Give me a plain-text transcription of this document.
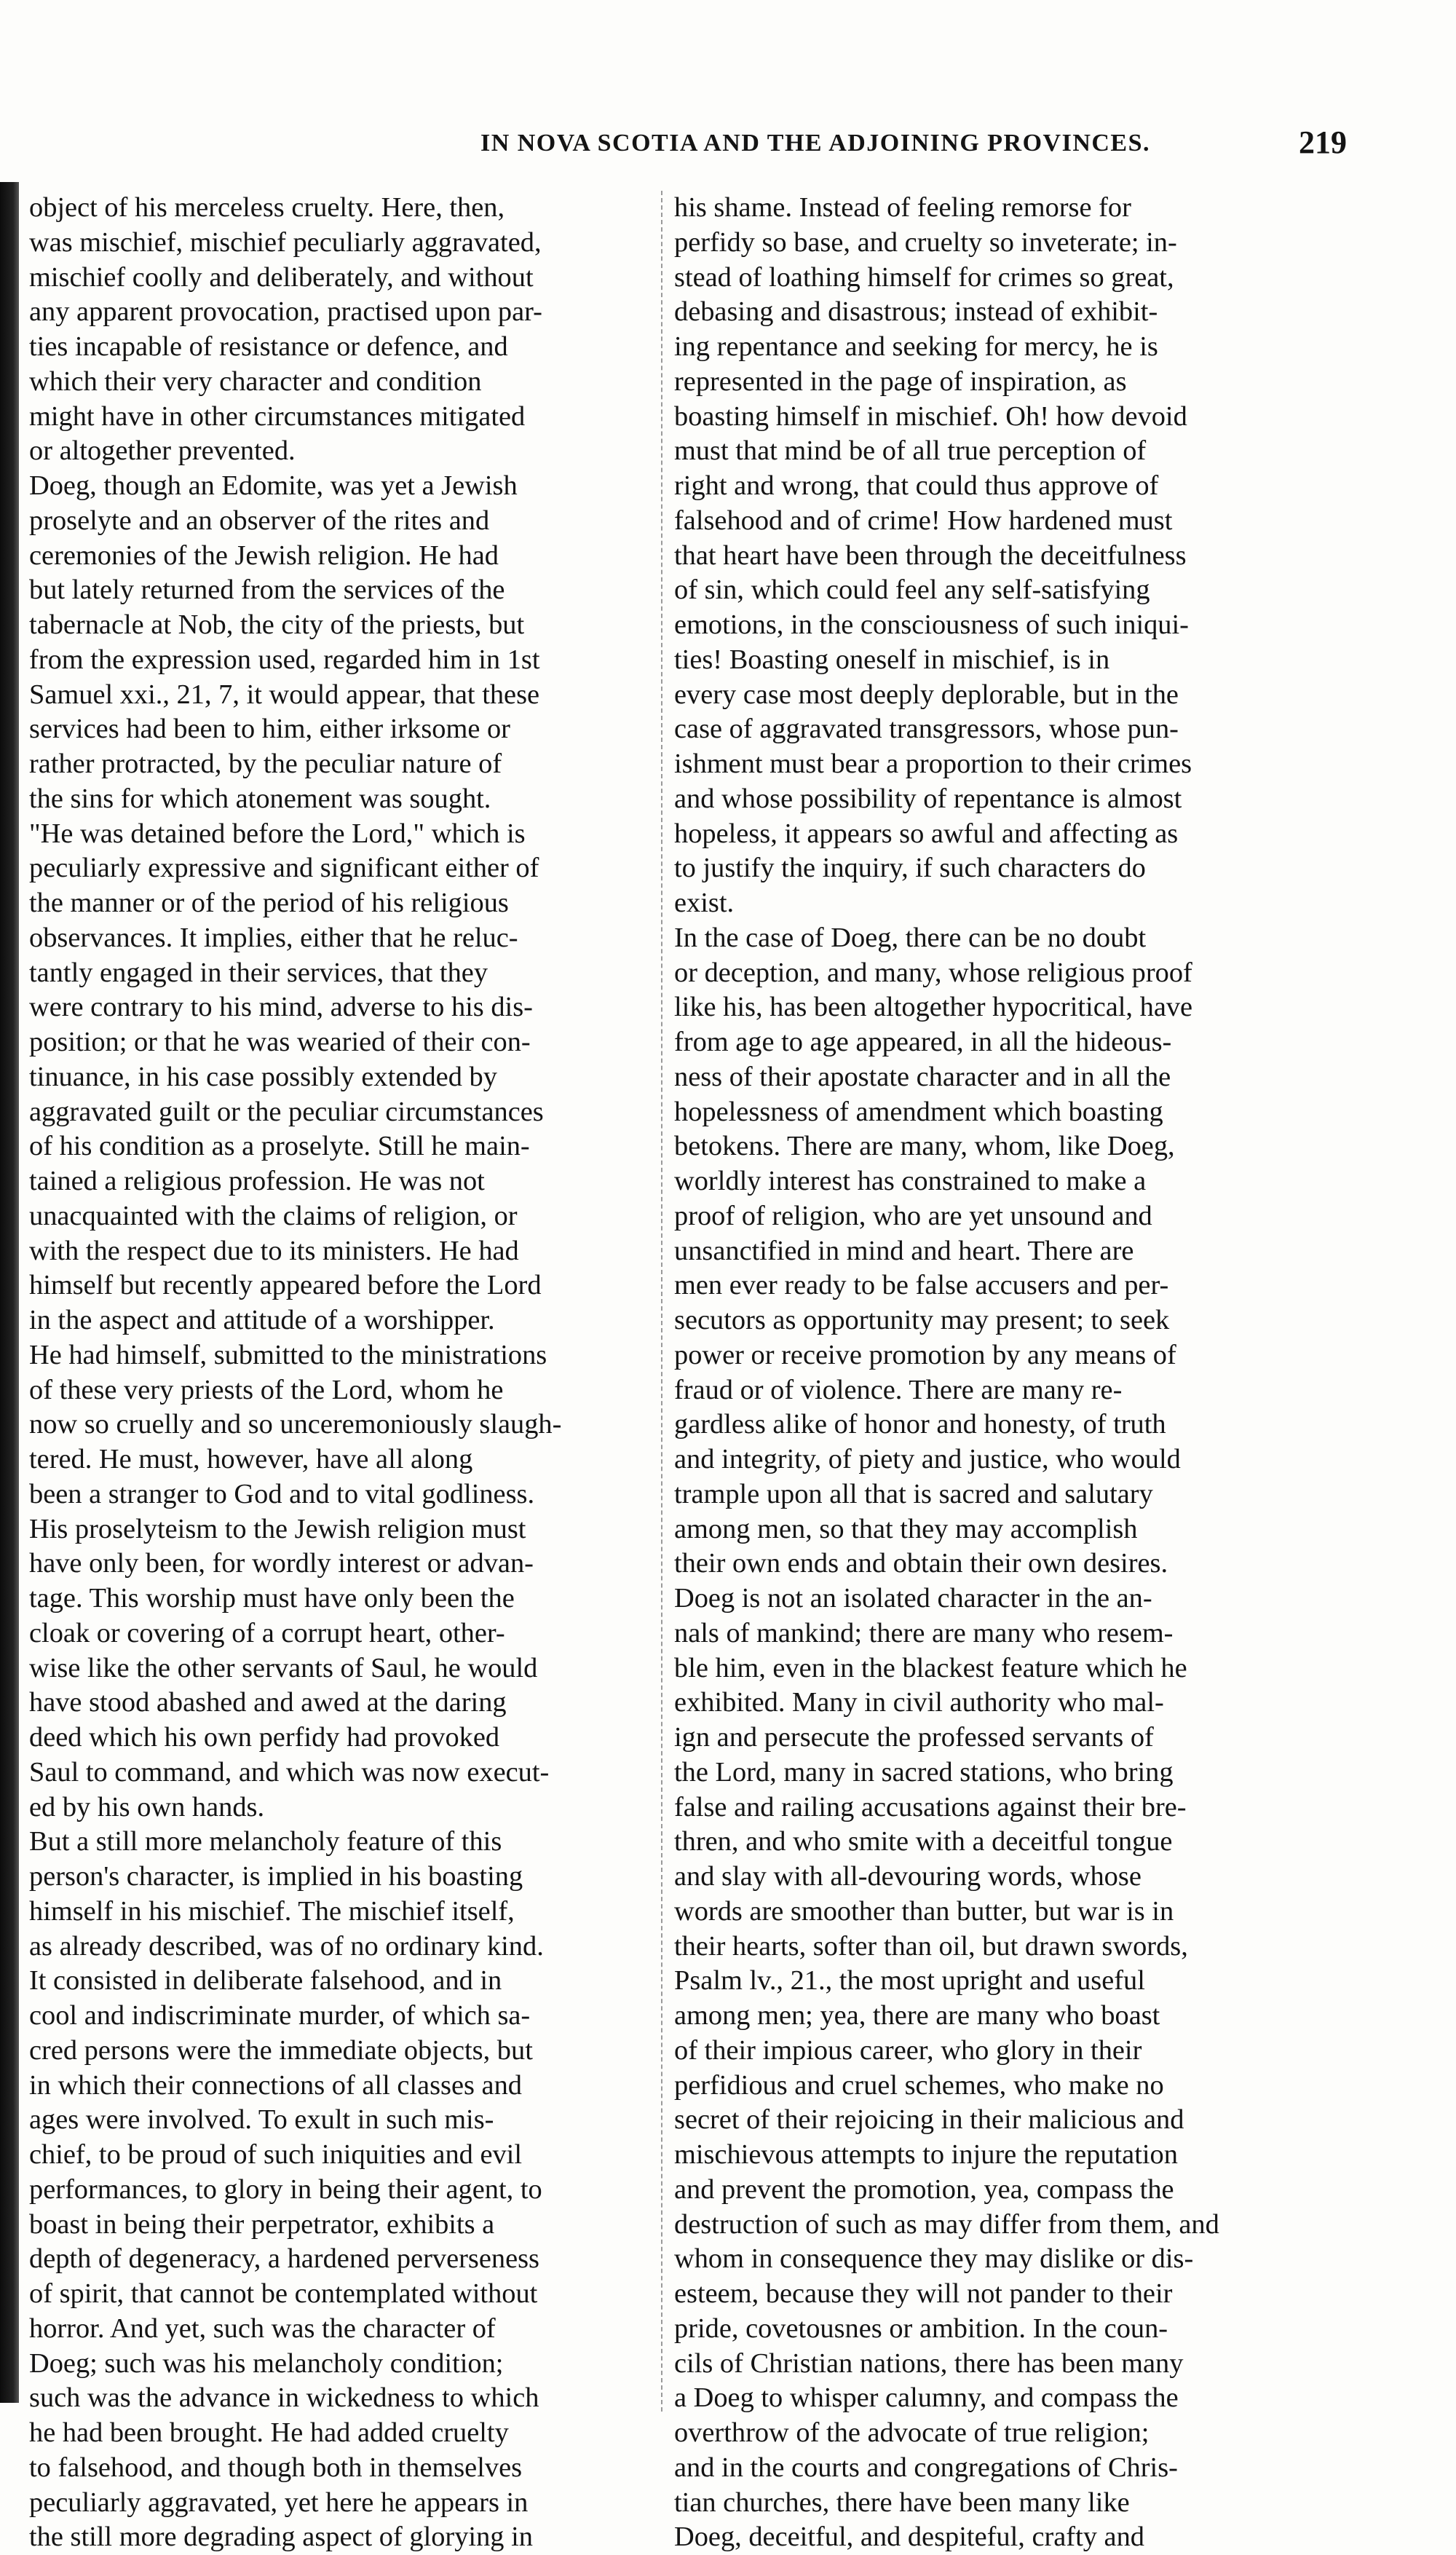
IN NOVA SCOTIA AND THE ADJOINING PROVINCES.	219
object of his merceless cruelty. Here, then,
was mischief, mischief peculiarly aggravated,
mischief coolly and deliberately, and without
any apparent provocation, practised upon par-
ties incapable of resistance or defence, and
which their very character and condition
might have in other circumstances mitigated
or altogether prevented.
Doeg, though an Edomite, was yet a Jewish
proselyte and an observer of the rites and
ceremonies of the Jewish religion. He had
but lately returned from the services of the
tabernacle at Nob, the city of the priests, but
from the expression used, regarded him in 1st
Samuel xxi., 21, 7, it would appear, that these
services had been to him, either irksome or
rather protracted, by the peculiar nature of
the sins for which atonement was sought.
"He was detained before the Lord," which is
peculiarly expressive and significant either of
the manner or of the period of his religious
observances. It implies, either that he reluc-
tantly engaged in their services, that they
were contrary to his mind, adverse to his dis-
position; or that he was wearied of their con-
tinuance, in his case possibly extended by
aggravated guilt or the peculiar circumstances
of his condition as a proselyte. Still he main-
tained a religious profession. He was not
unacquainted with the claims of religion, or
with the respect due to its ministers. He had
himself but recently appeared before the Lord
in the aspect and attitude of a worshipper.
He had himself, submitted to the ministrations
of these very priests of the Lord, whom he
now so cruelly and so unceremoniously slaugh-
tered. He must, however, have all along
been a stranger to God and to vital godliness.
His proselyteism to the Jewish religion must
have only been, for wordly interest or advan-
tage. This worship must have only been the
cloak or covering of a corrupt heart, other-
wise like the other servants of Saul, he would
have stood abashed and awed at the daring
deed which his own perfidy had provoked
Saul to command, and which was now execut-
ed by his own hands.
But a still more melancholy feature of this
person's character, is implied in his boasting
himself in his mischief. The mischief itself,
as already described, was of no ordinary kind.
It consisted in deliberate falsehood, and in
cool and indiscriminate murder, of which sa-
cred persons were the immediate objects, but
in which their connections of all classes and
ages were involved. To exult in such mis-
chief, to be proud of such iniquities and evil
performances, to glory in being their agent, to
boast in being their perpetrator, exhibits a
depth of degeneracy, a hardened perverseness
of spirit, that cannot be contemplated without
horror. And yet, such was the character of
Doeg; such was his melancholy condition;
such was the advance in wickedness to which
he had been brought. He had added cruelty
to falsehood, and though both in themselves
peculiarly aggravated, yet here he appears in
the still more degrading aspect of glorying in
his shame. Instead of feeling remorse for
perfidy so base, and cruelty so inveterate; in-
stead of loathing himself for crimes so great,
debasing and disastrous; instead of exhibit-
ing repentance and seeking for mercy, he is
represented in the page of inspiration, as
boasting himself in mischief. Oh! how devoid
must that mind be of all true perception of
right and wrong, that could thus approve of
falsehood and of crime! How hardened must
that heart have been through the deceitfulness
of sin, which could feel any self-satisfying
emotions, in the consciousness of such iniqui-
ties! Boasting oneself in mischief, is in
every case most deeply deplorable, but in the
case of aggravated transgressors, whose pun-
ishment must bear a proportion to their crimes
and whose possibility of repentance is almost
hopeless, it appears so awful and affecting as
to justify the inquiry, if such characters do
exist.
In the case of Doeg, there can be no doubt
or deception, and many, whose religious proof
like his, has been altogether hypocritical, have
from age to age appeared, in all the hideous-
ness of their apostate character and in all the
hopelessness of amendment which boasting
betokens. There are many, whom, like Doeg,
worldly interest has constrained to make a
proof of religion, who are yet unsound and
unsanctified in mind and heart. There are
men ever ready to be false accusers and per-
secutors as opportunity may present; to seek
power or receive promotion by any means of
fraud or of violence. There are many re-
gardless alike of honor and honesty, of truth
and integrity, of piety and justice, who would
trample upon all that is sacred and salutary
among men, so that they may accomplish
their own ends and obtain their own desires.
Doeg is not an isolated character in the an-
nals of mankind; there are many who resem-
ble him, even in the blackest feature which he
exhibited. Many in civil authority who mal-
ign and persecute the professed servants of
the Lord, many in sacred stations, who bring
false and railing accusations against their bre-
thren, and who smite with a deceitful tongue
and slay with all-devouring words, whose
words are smoother than butter, but war is in
their hearts, softer than oil, but drawn swords,
Psalm lv., 21., the most upright and useful
among men; yea, there are many who boast
of their impious career, who glory in their
perfidious and cruel schemes, who make no
secret of their rejoicing in their malicious and
mischievous attempts to injure the reputation
and prevent the promotion, yea, compass the
destruction of such as may differ from them, and
whom in consequence they may dislike or dis-
esteem, because they will not pander to their
pride, covetousnes or ambition. In the coun-
cils of Christian nations, there has been many
a Doeg to whisper calumny, and compass the
overthrow of the advocate of true religion;
and in the courts and congregations of Chris-
tian churches, there have been many like
Doeg, deceitful, and despiteful, crafty and
